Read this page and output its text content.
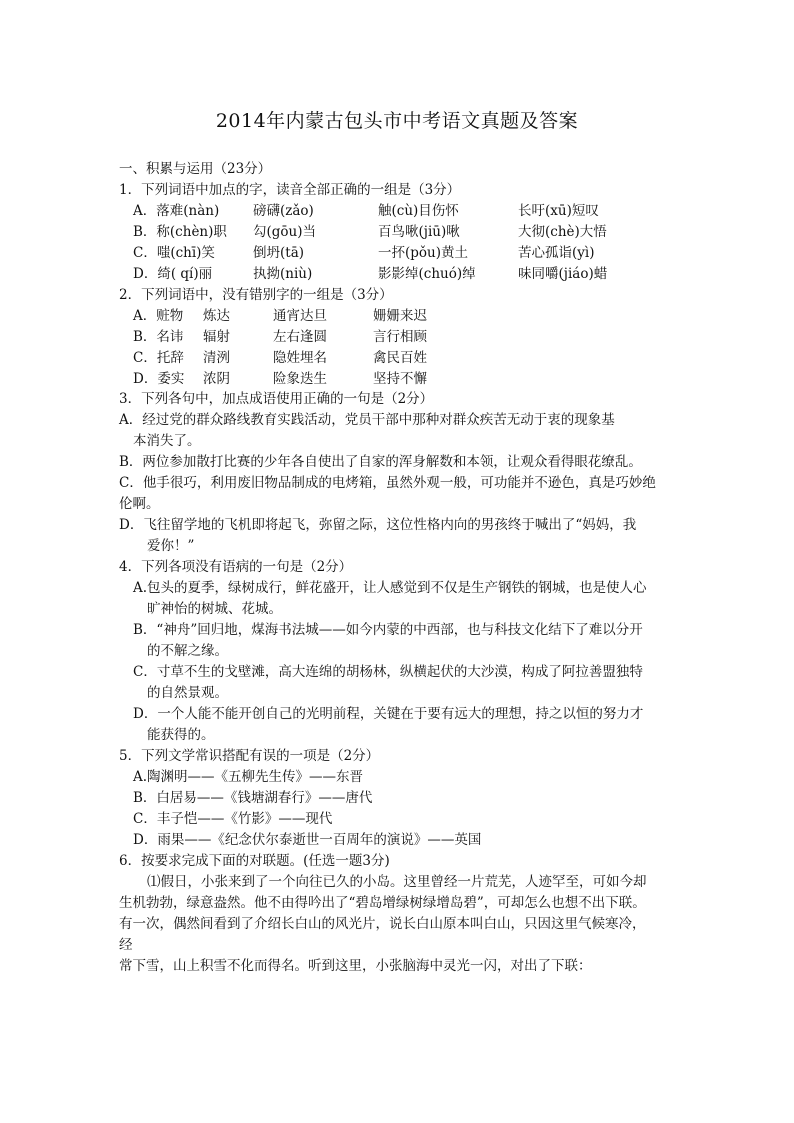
2014年内蒙古包头市中考语文真题及答案
一、积累与运用（23分）
1．下列词语中加点的字，读音全部正确的一组是（3分）
A．落难(nàn)	磅礴(zǎo)	触(cù)目伤怀	长吁(xū)短叹
B．称(chèn)职 勾(gōu)当	百鸟啾(jiū)啾	大彻(chè)大悟
C．嗤(chī)笑	倒坍(tā)	一抔(pǒu)黄土	苦心孤诣(yì)
D．绮( qí)丽	执拗(niù)	影影绰(chuó)绰	味同嚼(jiáo)蜡
2．下列词语中，没有错别字的一组是（3分）
A．赃物 炼达	通宵达旦	姗姗来迟
B．名讳 辐射	左右逢圆	言行相顾
C．托辞 清洌	隐姓埋名	禽民百姓
D．委实 浓阴	险象迭生	坚持不懈
3．下列各句中，加点成语使用正确的一句是（2分）
A．经过党的群众路线教育实践活动，党员干部中那种对群众疾苦无动于衷的现象基
本消失了。
B．两位参加散打比赛的少年各自使出了自家的浑身解数和本领，让观众看得眼花缭乱。
C．他手很巧，利用废旧物品制成的电烤箱，虽然外观一般，可功能并不逊色，真是巧妙绝
伦啊。
D．飞往留学地的飞机即将起飞，弥留之际，这位性格内向的男孩终于喊出了“妈妈，我
爱你！”
4．下列各项没有语病的一句是（2分）
A.包头的夏季，绿树成行，鲜花盛开，让人感觉到不仅是生产钢铁的钢城，也是使人心
旷神怡的树城、花城。
B．“神舟”回归地，煤海书法城——如今内蒙的中西部，也与科技文化结下了难以分开
的不解之缘。
C．寸草不生的戈壁滩，高大连绵的胡杨林，纵横起伏的大沙漠，构成了阿拉善盟独特
的自然景观。
D．一个人能不能开创自己的光明前程，关键在于要有远大的理想，持之以恒的努力才
能获得的。
5．下列文学常识搭配有误的一项是（2分）
A.陶渊明——《五柳先生传》——东晋
B．白居易——《钱塘湖春行》——唐代
C．丰子恺——《竹影》——现代
D．雨果——《纪念伏尔泰逝世一百周年的演说》——英国
6．按要求完成下面的对联题。(任选一题3分)
⑴假日，小张来到了一个向往已久的小岛。这里曾经一片荒芜，人迹罕至，可如今却
生机勃勃，绿意盎然。他不由得吟出了“碧岛增绿树绿增岛碧”，可却怎么也想不出下联。
有一次，偶然间看到了介绍长白山的风光片，说长白山原本叫白山，只因这里气候寒冷，
经
常下雪，山上积雪不化而得名。听到这里，小张脑海中灵光一闪，对出了下联：
